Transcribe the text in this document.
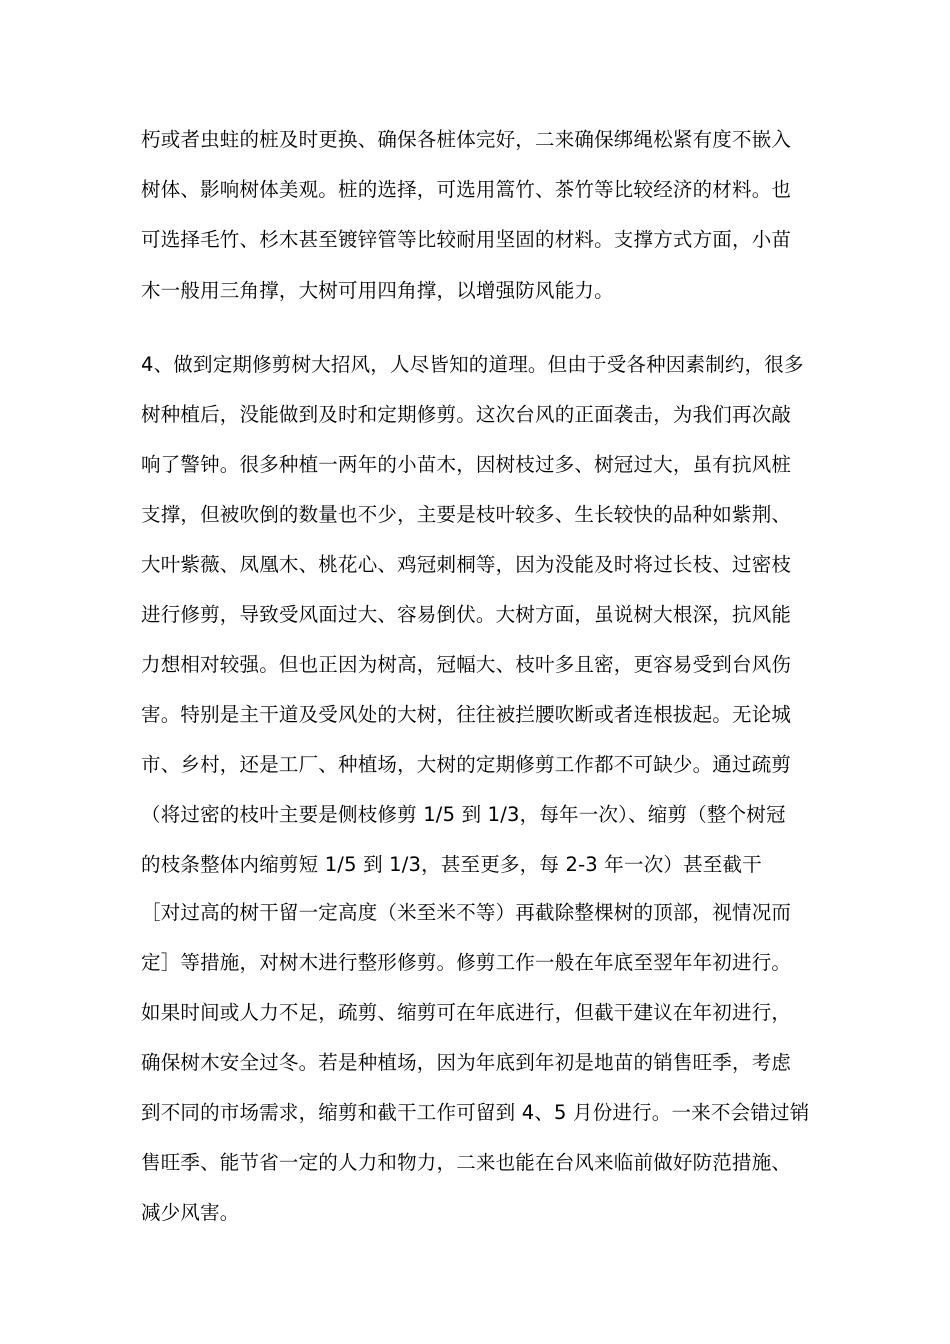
朽或者虫蛀的桩及时更换、确保各桩体完好，二来确保绑绳松紧有度不嵌入
树体、影响树体美观。桩的选择，可选用篙竹、茶竹等比较经济的材料。也
可选择毛竹、杉木甚至镀锌管等比较耐用坚固的材料。支撑方式方面，小苗
木一般用三角撑，大树可用四角撑，以增强防风能力。
4、做到定期修剪树大招风，人尽皆知的道理。但由于受各种因素制约，很多
树种植后，没能做到及时和定期修剪。这次台风的正面袭击，为我们再次敲
响了警钟。很多种植一两年的小苗木，因树枝过多、树冠过大，虽有抗风桩
支撑，但被吹倒的数量也不少，主要是枝叶较多、生长较快的品种如紫荆、
大叶紫薇、凤凰木、桃花心、鸡冠刺桐等，因为没能及时将过长枝、过密枝
进行修剪，导致受风面过大、容易倒伏。大树方面，虽说树大根深，抗风能
力想相对较强。但也正因为树高，冠幅大、枝叶多且密，更容易受到台风伤
害。特别是主干道及受风处的大树，往往被拦腰吹断或者连根拔起。无论城
市、乡村，还是工厂、种植场，大树的定期修剪工作都不可缺少。通过疏剪
（将过密的枝叶主要是侧枝修剪 1/5 到 1/3，每年一次）、缩剪（整个树冠
的枝条整体内缩剪短 1/5 到 1/3，甚至更多，每 2-3 年一次）甚至截干
［对过高的树干留一定高度（米至米不等）再截除整棵树的顶部，视情况而
定］等措施，对树木进行整形修剪。修剪工作一般在年底至翌年年初进行。
如果时间或人力不足，疏剪、缩剪可在年底进行，但截干建议在年初进行，
确保树木安全过冬。若是种植场，因为年底到年初是地苗的销售旺季，考虑
到不同的市场需求，缩剪和截干工作可留到 4、5 月份进行。一来不会错过销
售旺季、能节省一定的人力和物力，二来也能在台风来临前做好防范措施、
减少风害。
